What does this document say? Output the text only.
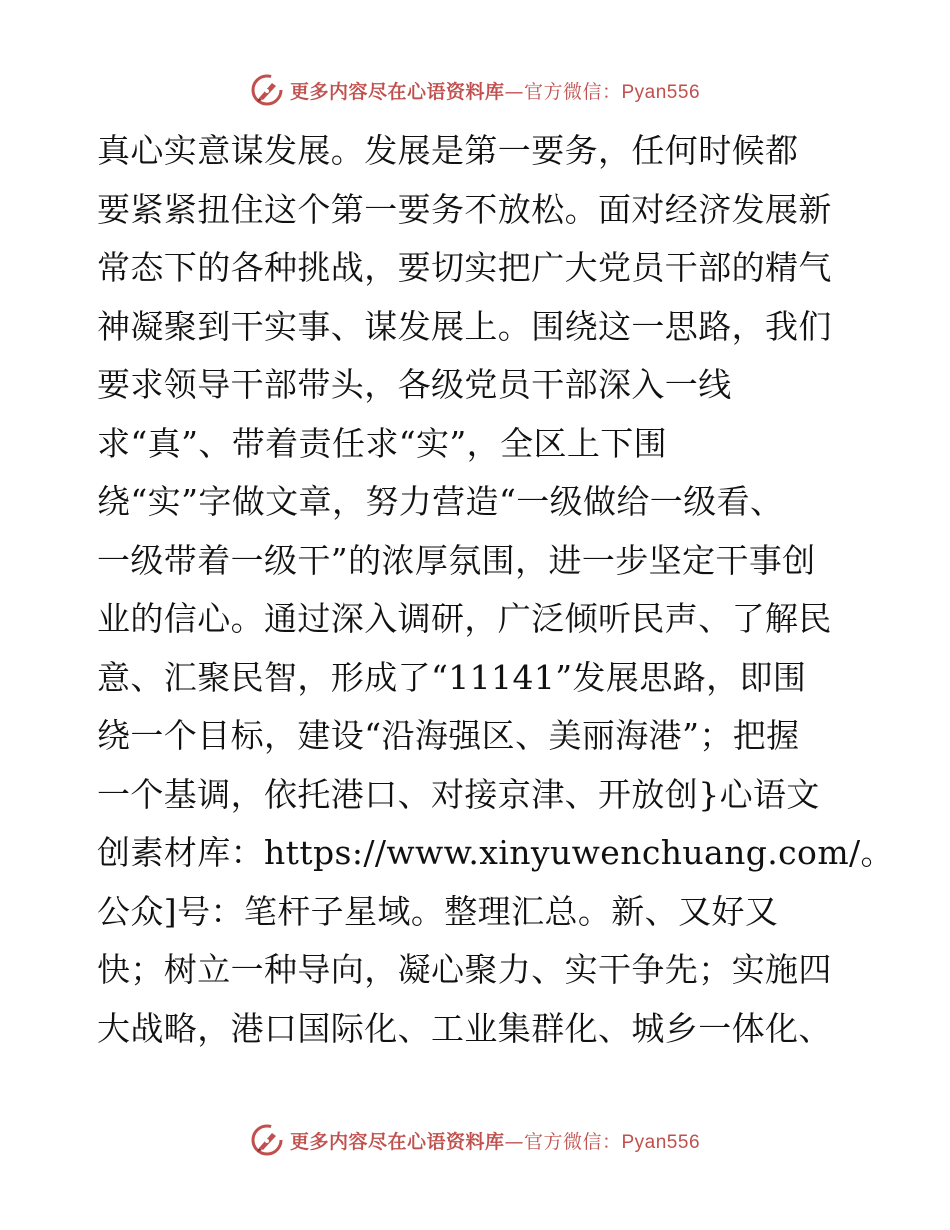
更多内容尽在心语资料库—官方微信：Pyan556
真心实意谋发展。发展是第一要务，任何时候都
要紧紧扭住这个第一要务不放松。面对经济发展新
常态下的各种挑战，要切实把广大党员干部的精气
神凝聚到干实事、谋发展上。围绕这一思路，我们
要求领导干部带头，各级党员干部深入一线
求“真”、带着责任求“实”，全区上下围
绕“实”字做文章，努力营造“一级做给一级看、
一级带着一级干”的浓厚氛围，进一步坚定干事创
业的信心。通过深入调研，广泛倾听民声、了解民
意、汇聚民智，形成了“11141”发展思路，即围
绕一个目标，建设“沿海强区、美丽海港”；把握
一个基调，依托港口、对接京津、开放创}心语文
创素材库：https://www.xinyuwenchuang.com/。
公众]号：笔杆子星域。整理汇总。新、又好又
快；树立一种导向，凝心聚力、实干争先；实施四
大战略，港口国际化、工业集群化、城乡一体化、
更多内容尽在心语资料库—官方微信：Pyan556
